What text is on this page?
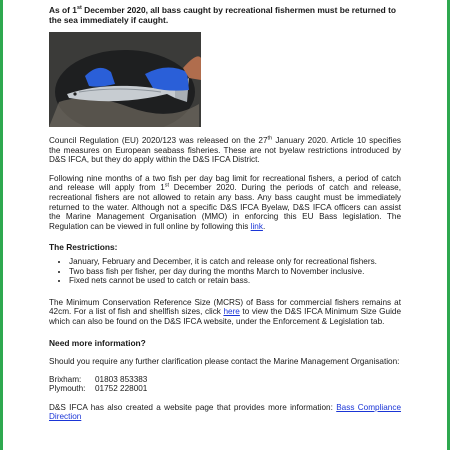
As of 1st December 2020, all bass caught by recreational fishermen must be returned to the sea immediately if caught.

Council Regulation (EU) 2020/123 was released on the 27th January 2020. Article 10 specifies the measures on European seabass fisheries. These are not byelaw restrictions introduced by D&S IFCA, but they do apply within the D&S IFCA District.

Following nine months of a two fish per day bag limit for recreational fishers, a period of catch and release will apply from 1st December 2020. During the periods of catch and release, recreational fishers are not allowed to retain any bass. Any bass caught must be immediately returned to the water. Although not a specific D&S IFCA Byelaw, D&S IFCA officers can assist the Marine Management Organisation (MMO) in enforcing this EU Bass legislation. The Regulation can be viewed in full online by following this link.

The Restrictions:
• January, February and December, it is catch and release only for recreational fishers.
• Two bass fish per fisher, per day during the months March to November inclusive.
• Fixed nets cannot be used to catch or retain bass.

The Minimum Conservation Reference Size (MCRS) of Bass for commercial fishers remains at 42cm. For a list of fish and shellfish sizes, click here to view the D&S IFCA Minimum Size Guide which can also be found on the D&S IFCA website, under the Enforcement & Legislation tab.

Need more information?

Should you require any further clarification please contact the Marine Management Organisation:

Brixham:	01803 853383
Plymouth:	01752 228001

D&S IFCA has also created a website page that provides more information: Bass Compliance Direction
